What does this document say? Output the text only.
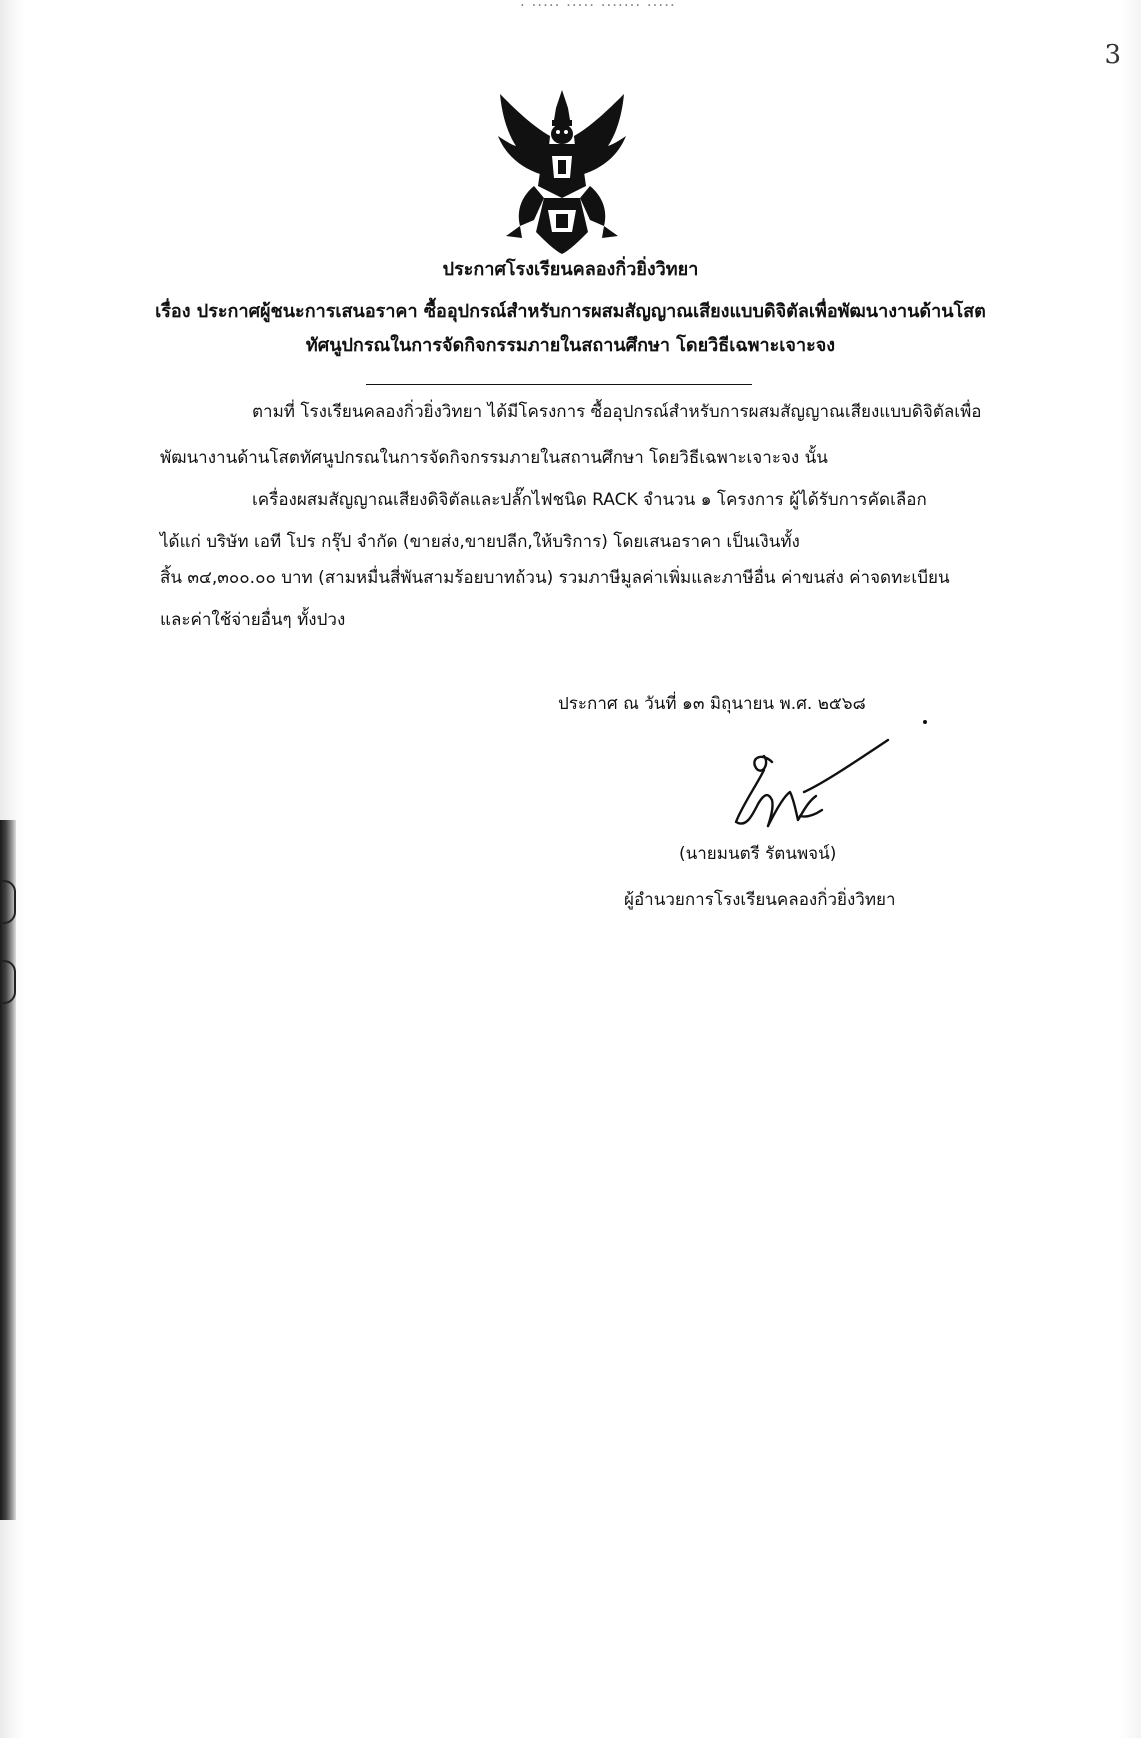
. ..... ..... ....... .....
3
ประกาศโรงเรียนคลองกิ่วยิ่งวิทยา
เรื่อง ประกาศผู้ชนะการเสนอราคา ซื้ออุปกรณ์สำหรับการผสมสัญญาณเสียงแบบดิจิตัลเพื่อพัฒนางานด้านโสต
ทัศนูปกรณในการจัดกิจกรรมภายในสถานศึกษา โดยวิธีเฉพาะเจาะจง
ตามที่ โรงเรียนคลองกิ่วยิ่งวิทยา ได้มีโครงการ ซื้ออุปกรณ์สำหรับการผสมสัญญาณเสียงแบบดิจิตัลเพื่อ
พัฒนางานด้านโสตทัศนูปกรณในการจัดกิจกรรมภายในสถานศึกษา โดยวิธีเฉพาะเจาะจง นั้น
เครื่องผสมสัญญาณเสียงดิจิตัลและปลั๊กไฟชนิด RACK จำนวน ๑ โครงการ ผู้ได้รับการคัดเลือก
ได้แก่ บริษัท เอที โปร กรุ๊ป จำกัด (ขายส่ง,ขายปลีก,ให้บริการ) โดยเสนอราคา เป็นเงินทั้ง
สิ้น ๓๔,๓๐๐.๐๐ บาท (สามหมื่นสี่พันสามร้อยบาทถ้วน) รวมภาษีมูลค่าเพิ่มและภาษีอื่น ค่าขนส่ง ค่าจดทะเบียน
และค่าใช้จ่ายอื่นๆ ทั้งปวง
ประกาศ ณ วันที่ ๑๓ มิถุนายน พ.ศ. ๒๕๖๘
(นายมนตรี รัตนพจน์)
ผู้อำนวยการโรงเรียนคลองกิ่วยิ่งวิทยา
